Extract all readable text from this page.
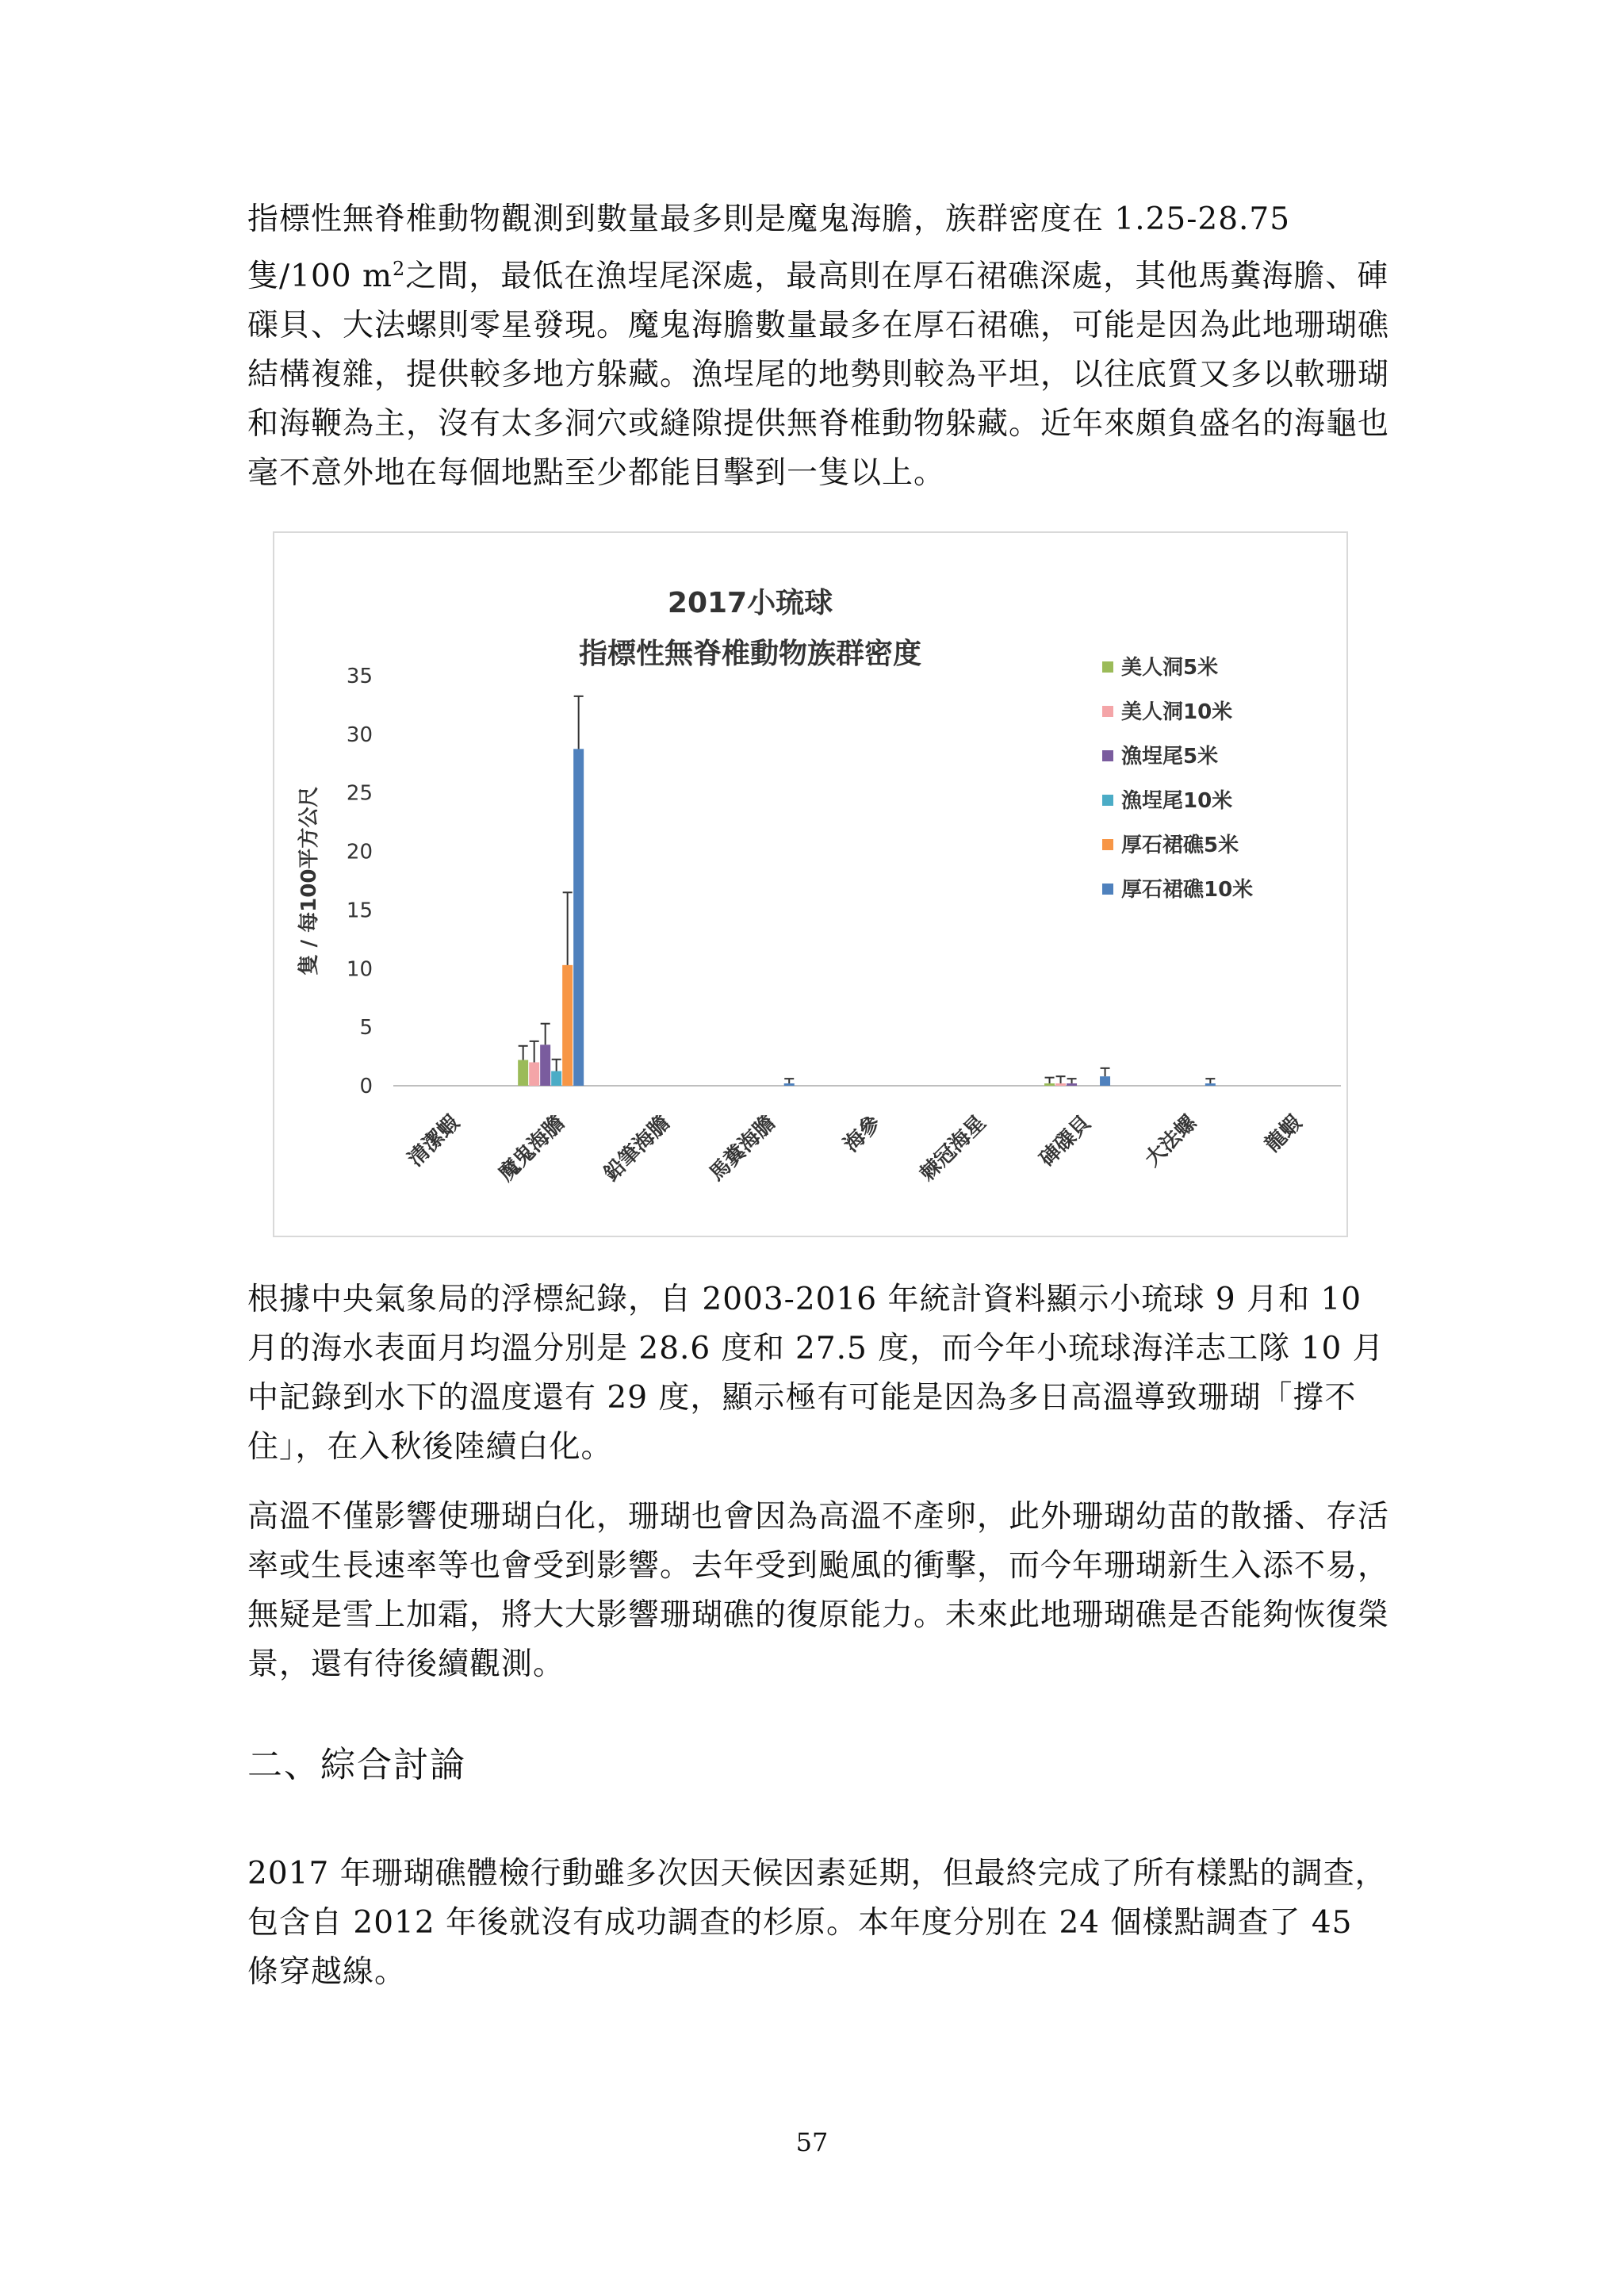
指標性無脊椎動物觀測到數量最多則是魔鬼海膽，族群密度在 1.25-28.75 隻/100 $m^2$之間，最低在漁埕尾深處，最高則在厚石裙礁深處，其他馬糞海膽、硨磲貝、大法螺則零星發現。魔鬼海膽數量最多在厚石裙礁，可能是因為此地珊瑚礁結構複雜，提供較多地方躲藏。漁埕尾的地勢則較為平坦，以往底質又多以軟珊瑚和海鞭為主，沒有太多洞穴或縫隙提供無脊椎動物躲藏。近年來頗負盛名的海龜也毫不意外地在每個地點至少都能目擊到一隻以上。

2017小琉球
指標性無脊椎動物族群密度
0
5
10
15
20
25
30
35
隻 / 每100平方公尺
清潔蝦 魔鬼海膽 鉛筆海膽 馬糞海膽	海參 棘冠海星 硨磲貝 大法螺	龍蝦
美人洞5米
美人洞10米
漁埕尾5米
漁埕尾10米
厚石裙礁5米
厚石裙礁10米

根據中央氣象局的浮標紀錄，自 2003-2016 年統計資料顯示小琉球 9 月和 10 月的海水表面月均溫分別是 28.6 度和 27.5 度，而今年小琉球海洋志工隊 10 月中記錄到水下的溫度還有 29 度，顯示極有可能是因為多日高溫導致珊瑚「撐不住」，在入秋後陸續白化。

高溫不僅影響使珊瑚白化，珊瑚也會因為高溫不產卵，此外珊瑚幼苗的散播、存活率或生長速率等也會受到影響。去年受到颱風的衝擊，而今年珊瑚新生入添不易，無疑是雪上加霜，將大大影響珊瑚礁的復原能力。未來此地珊瑚礁是否能夠恢復榮景，還有待後續觀測。

二、綜合討論

2017 年珊瑚礁體檢行動雖多次因天候因素延期，但最終完成了所有樣點的調查，包含自 2012 年後就沒有成功調查的杉原。本年度分別在 24 個樣點調查了 45 條穿越線。

57
